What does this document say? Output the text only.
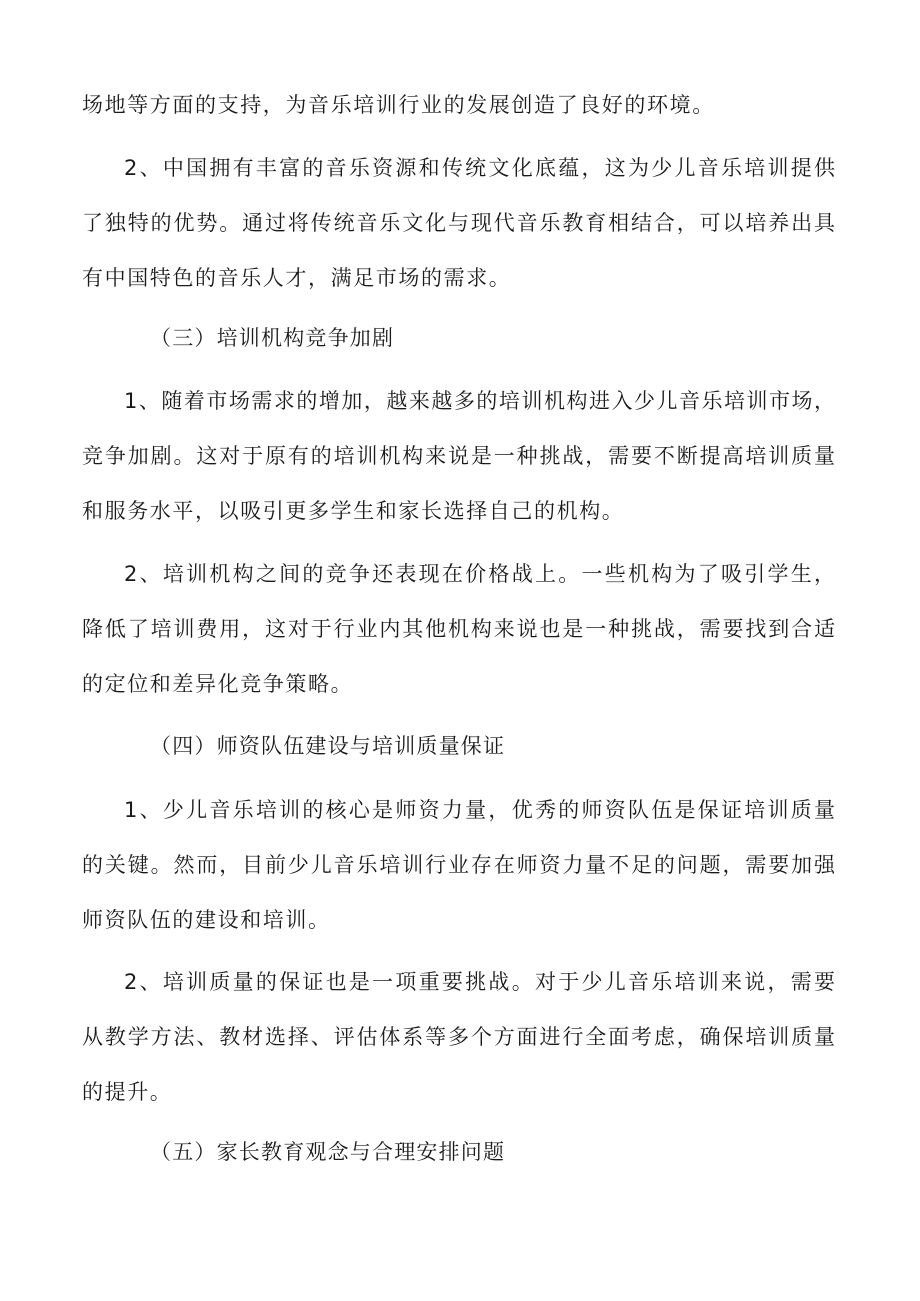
场地等方面的支持，为音乐培训行业的发展创造了良好的环境。
2、中国拥有丰富的音乐资源和传统文化底蕴，这为少儿音乐培训提供
了独特的优势。通过将传统音乐文化与现代音乐教育相结合，可以培养出具
有中国特色的音乐人才，满足市场的需求。
（三）培训机构竞争加剧
1、随着市场需求的增加，越来越多的培训机构进入少儿音乐培训市场，
竞争加剧。这对于原有的培训机构来说是一种挑战，需要不断提高培训质量
和服务水平，以吸引更多学生和家长选择自己的机构。
2、培训机构之间的竞争还表现在价格战上。一些机构为了吸引学生，
降低了培训费用，这对于行业内其他机构来说也是一种挑战，需要找到合适
的定位和差异化竞争策略。
（四）师资队伍建设与培训质量保证
1、少儿音乐培训的核心是师资力量，优秀的师资队伍是保证培训质量
的关键。然而，目前少儿音乐培训行业存在师资力量不足的问题，需要加强
师资队伍的建设和培训。
2、培训质量的保证也是一项重要挑战。对于少儿音乐培训来说，需要
从教学方法、教材选择、评估体系等多个方面进行全面考虑，确保培训质量
的提升。
（五）家长教育观念与合理安排问题
